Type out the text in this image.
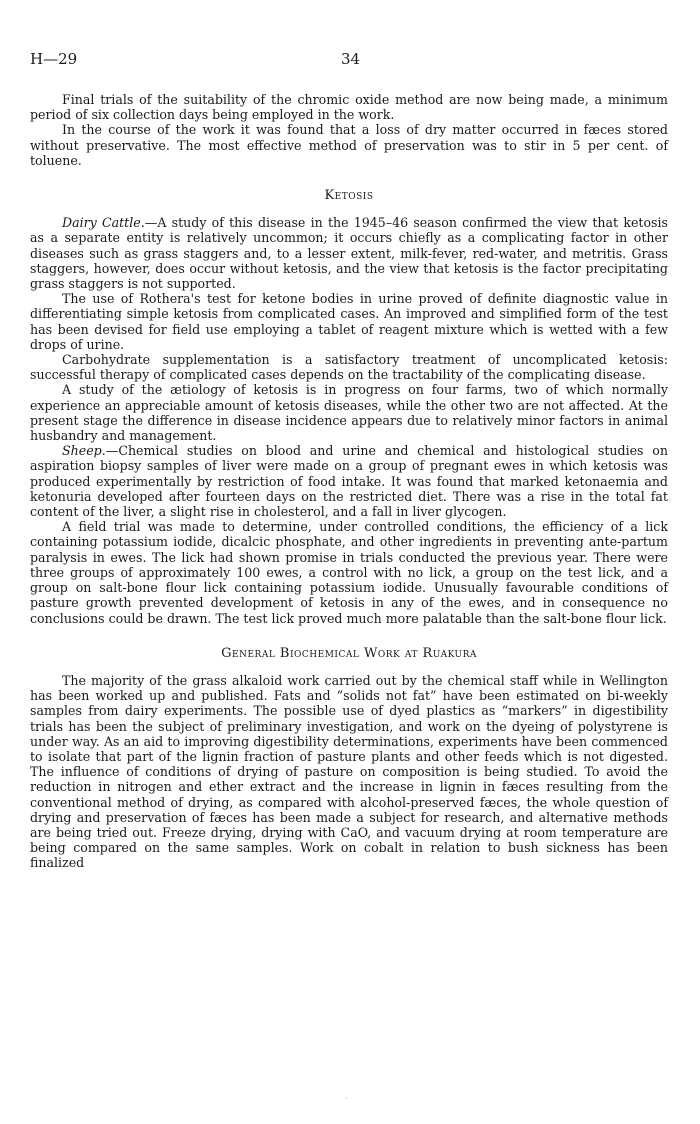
H—29	34

Final trials of the suitability of the chromic oxide method are now being made, a minimum period of six collection days being employed in the work.

In the course of the work it was found that a loss of dry matter occurred in fæces stored without preservative. The most effective method of preservation was to stir in 5 per cent. of toluene.

Ketosis

Dairy Cattle.—A study of this disease in the 1945–46 season confirmed the view that ketosis as a separate entity is relatively uncommon; it occurs chiefly as a complicating factor in other diseases such as grass staggers and, to a lesser extent, milk-fever, red-water, and metritis. Grass staggers, however, does occur without ketosis, and the view that ketosis is the factor precipitating grass staggers is not supported.

The use of Rothera's test for ketone bodies in urine proved of definite diagnostic value in differentiating simple ketosis from complicated cases. An improved and simplified form of the test has been devised for field use employing a tablet of reagent mixture which is wetted with a few drops of urine.

Carbohydrate supplementation is a satisfactory treatment of uncomplicated ketosis: successful therapy of complicated cases depends on the tractability of the complicating disease.

A study of the ætiology of ketosis is in progress on four farms, two of which normally experience an appreciable amount of ketosis diseases, while the other two are not affected. At the present stage the difference in disease incidence appears due to relatively minor factors in animal husbandry and management.

Sheep.—Chemical studies on blood and urine and chemical and histological studies on aspiration biopsy samples of liver were made on a group of pregnant ewes in which ketosis was produced experimentally by restriction of food intake. It was found that marked ketonaemia and ketonuria developed after fourteen days on the restricted diet. There was a rise in the total fat content of the liver, a slight rise in cholesterol, and a fall in liver glycogen.

A field trial was made to determine, under controlled conditions, the efficiency of a lick containing potassium iodide, dicalcic phosphate, and other ingredients in preventing ante-partum paralysis in ewes. The lick had shown promise in trials conducted the previous year. There were three groups of approximately 100 ewes, a control with no lick, a group on the test lick, and a group on salt-bone flour lick containing potassium iodide. Unusually favourable conditions of pasture growth prevented development of ketosis in any of the ewes, and in consequence no conclusions could be drawn. The test lick proved much more palatable than the salt-bone flour lick.

General Biochemical Work at Ruakura

The majority of the grass alkaloid work carried out by the chemical staff while in Wellington has been worked up and published. Fats and “solids not fat” have been estimated on bi-weekly samples from dairy experiments. The possible use of dyed plastics as “markers” in digestibility trials has been the subject of preliminary investigation, and work on the dyeing of polystyrene is under way. As an aid to improving digestibility determinations, experiments have been commenced to isolate that part of the lignin fraction of pasture plants and other feeds which is not digested. The influence of conditions of drying of pasture on composition is being studied. To avoid the reduction in nitrogen and ether extract and the increase in lignin in fæces resulting from the conventional method of drying, as compared with alcohol-preserved fæces, the whole question of drying and preservation of fæces has been made a subject for research, and alternative methods are being tried out. Freeze drying, drying with CaO, and vacuum drying at room temperature are being compared on the same samples. Work on cobalt in relation to bush sickness has been finalized

·
